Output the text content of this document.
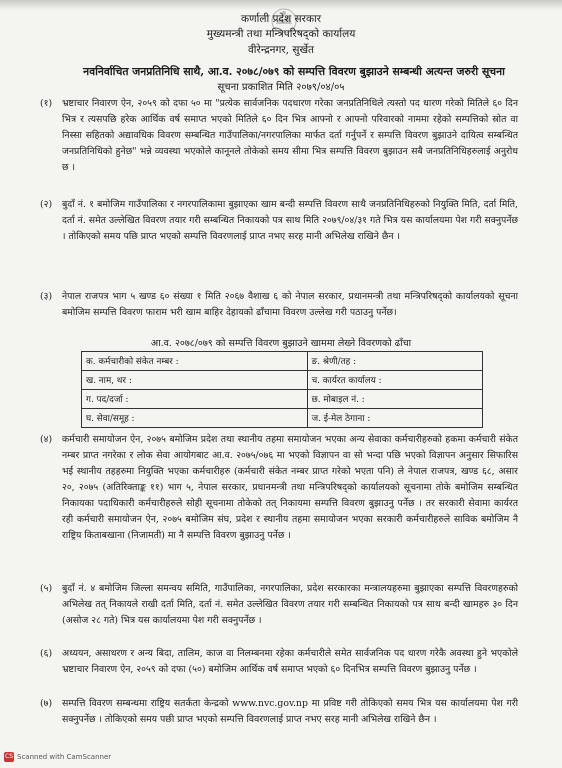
कर्णाली प्रदेश सरकार
मुख्यमन्त्री तथा मन्त्रिपरिषद्को कार्यालय
वीरेन्द्रनगर, सुर्खेत
नवनिर्वाचित जनप्रतिनिधि साथै, आ.व. २०७८/०७९ को सम्पत्ति विवरण बुझाउने सम्बन्धी अत्यन्त जरुरी सूचना
सूचना प्रकाशित मिति २०७९/०४/०५
(१) भ्रष्टाचार निवारण ऐन, २०५९ को दफा ५० मा "प्रत्येक सार्वजनिक पदधारण गरेका जनप्रतिनिधिले त्यस्तो पद धारण गरेको मितिले ६० दिन भित्र र त्यसपछि हरेक आर्थिक वर्ष समाप्त भएको मितिले ६० दिन भित्र आफ्नो र आफ्नो परिवारको नाममा रहेको सम्पत्तिको स्रोत वा निस्सा सहितको अद्यावधिक विवरण सम्बन्धित गाउँपालिका/नगरपालिका मार्फत दर्ता गर्नुपर्ने र सम्पत्ति विवरण बुझाउने दायित्व सम्बन्धित जनप्रतिनिधिको हुनेछ" भन्ने व्यवस्था भएकोले कानूनले तोकेको समय सीमा भित्र सम्पत्ति विवरण बुझाउन सबै जनप्रतिनिधिहरुलाई अनुरोध छ ।
(२) बुदाँ नं. १ बमोजिम गाउँपालिका र नगरपालिकामा बुझाएका खाम बन्दी सम्पत्ति विवरण साथै जनप्रतिनिधिहरुको नियुक्ति मिति, दर्ता मिति, दर्ता नं. समेत उल्लेखित विवरण तयार गरी सम्बन्धित निकायको पत्र साथ मिति २०७९/०४/३१ गते भित्र यस कार्यालयमा पेश गरी सक्नुपर्नेछ । तोकिएको समय पछि प्राप्त भएको सम्पत्ति विवरणलाई प्राप्त नभए सरह मानी अभिलेख राखिने छैन ।
(३) नेपाल राजपत्र भाग ५ खण्ड ६० संख्या १ मिति २०६७ वैशाख ६ को नेपाल सरकार, प्रधानमन्त्री तथा मन्त्रिपरिषद्को कार्यालयको सूचना बमोजिम सम्पत्ति विवरण फाराम भरी खाम बाहिर देहायको ढाँचामा विवरण उल्लेख गरी पठाउनु पर्नेछ।
आ.व. २०७८/०७९ को सम्पत्ति विवरण बुझाउने खाममा लेख्ने विवरणको ढाँचा
क. कर्मचारीको संकेत नम्बर :	ङ. श्रेणी/तह :
ख. नाम, थर :	च. कार्यरत कार्यालय :
ग. पद/दर्जा :	छ. मोबाइल नं. :
घ. सेवा/समूह :	ज. ई-मेल ठेगाना :
(४) कर्मचारी समायोजन ऐन, २०७५ बमोजिम प्रदेश तथा स्थानीय तहमा समायोजन भएका अन्य सेवाका कर्मचारीहरुको हकमा कर्मचारी संकेत नम्बर प्राप्त नगरेका र लोक सेवा आयोगबाट आ.व. २०७५/०७६ मा भएको विज्ञापन वा सो भन्दा पछि भएको विज्ञापन अनुसार सिफारिस भई स्थानीय तहहरुमा नियुक्ति भएका कर्मचारीहरु (कर्मचारी संकेत नम्बर प्राप्त गरेको भएता पनि) ले नेपाल राजपत्र, खण्ड ६८, असार २०, २०७५ (अतिरिक्ताङ्क ११) भाग ५, नेपाल सरकार, प्रधानमन्त्री तथा मन्त्रिपरिषद्को कार्यालयको सूचनामा तोके बमोजिम सम्बन्धित निकायका पदाधिकारी कर्मचारीहरुले सोही सूचनामा तोकेको तत् निकायमा सम्पत्ति विवरण बुझाउनु पर्नेछ । तर सरकारी सेवामा कार्यरत रही कर्मचारी समायोजन ऐन, २०७५ बमोजिम संघ, प्रदेश र स्थानीय तहमा समायोजन भएका सरकारी कर्मचारीहरुले साविक बमोजिम नै राष्ट्रिय किताबखाना (निजामती) मा नै सम्पत्ति विवरण बुझाउनु पर्नेछ ।
(५) बुदाँ नं. ४ बमोजिम जिल्ला समन्वय समिति, गाउँपालिका, नगरपालिका, प्रदेश सरकारका मन्त्रालयहरुमा बुझाएका सम्पत्ति विवरणहरुको अभिलेख तत् निकायले राखी दर्ता मिति, दर्ता नं. समेत उल्लेखित विवरण तयार गरी सम्बन्धित निकायको पत्र साथ बन्दी खामहरु ३० दिन (असोज २८ गते) भित्र यस कार्यालयमा पेश गरी सक्नुपर्नेछ ।
(६) अध्ययन, असाधरण र अन्य बिदा, तालिम, काज वा निलम्बनमा रहेका कर्मचारीले समेत सार्वजनिक पद धारण गरेकै अवस्था हुने भएकोले भ्रष्टाचार निवारण ऐन, २०५९ को दफा (५०) बमोजिम आर्थिक वर्ष समाप्त भएको ६० दिनभित्र सम्पत्ति विवरण बुझाउनु पर्नेछ ।
(७) सम्पत्ति विवरण सम्बन्धमा राष्ट्रिय सतर्कता केन्द्रको www.nvc.gov.np मा प्रविष्ट गरी तोकिएको समय भित्र यस कार्यालयमा पेश गरी सक्नुपर्नेछ । तोकिएको समय पछी प्राप्त भएको सम्पत्ति विवरणलाई प्राप्त नभए सरह मानी अभिलेख राखिने छैन ।
CS Scanned with CamScanner
